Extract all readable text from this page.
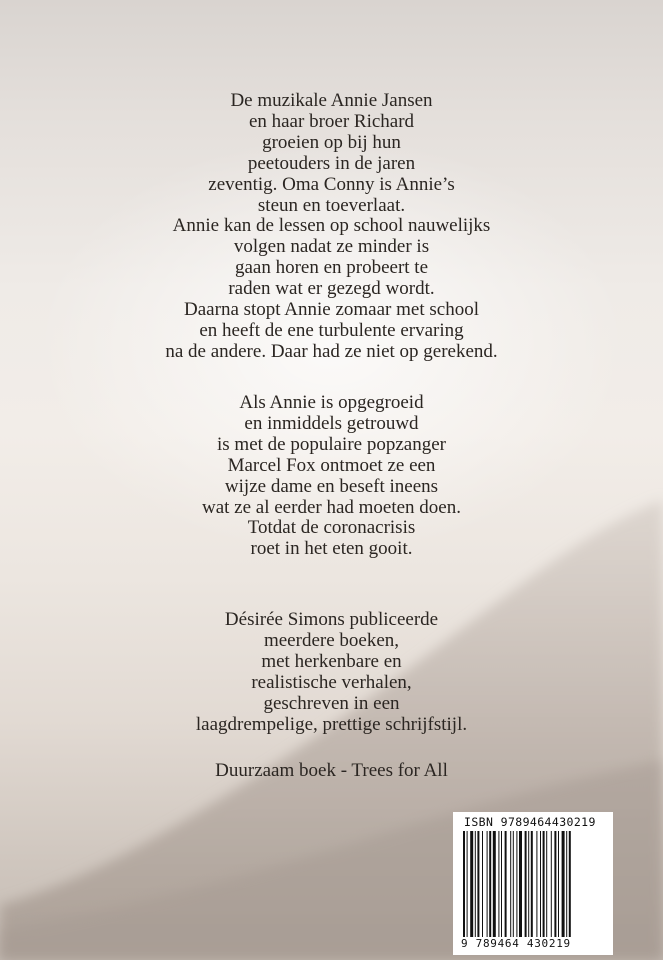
De muzikale Annie Jansen
en haar broer Richard
groeien op bij hun
peetouders in de jaren
zeventig. Oma Conny is Annie’s
steun en toeverlaat.
Annie kan de lessen op school nauwelijks
volgen nadat ze minder is
gaan horen en probeert te
raden wat er gezegd wordt.
Daarna stopt Annie zomaar met school
en heeft de ene turbulente ervaring
na de andere. Daar had ze niet op gerekend.
Als Annie is opgegroeid
en inmiddels getrouwd
is met de populaire popzanger
Marcel Fox ontmoet ze een
wijze dame en beseft ineens
wat ze al eerder had moeten doen.
Totdat de coronacrisis
roet in het eten gooit.
Désirée Simons publiceerde
meerdere boeken,
met herkenbare en
realistische verhalen,
geschreven in een
laagdrempelige, prettige schrijfstijl.
Duurzaam boek - Trees for All
ISBN 9789464430219
9 789464 430219
